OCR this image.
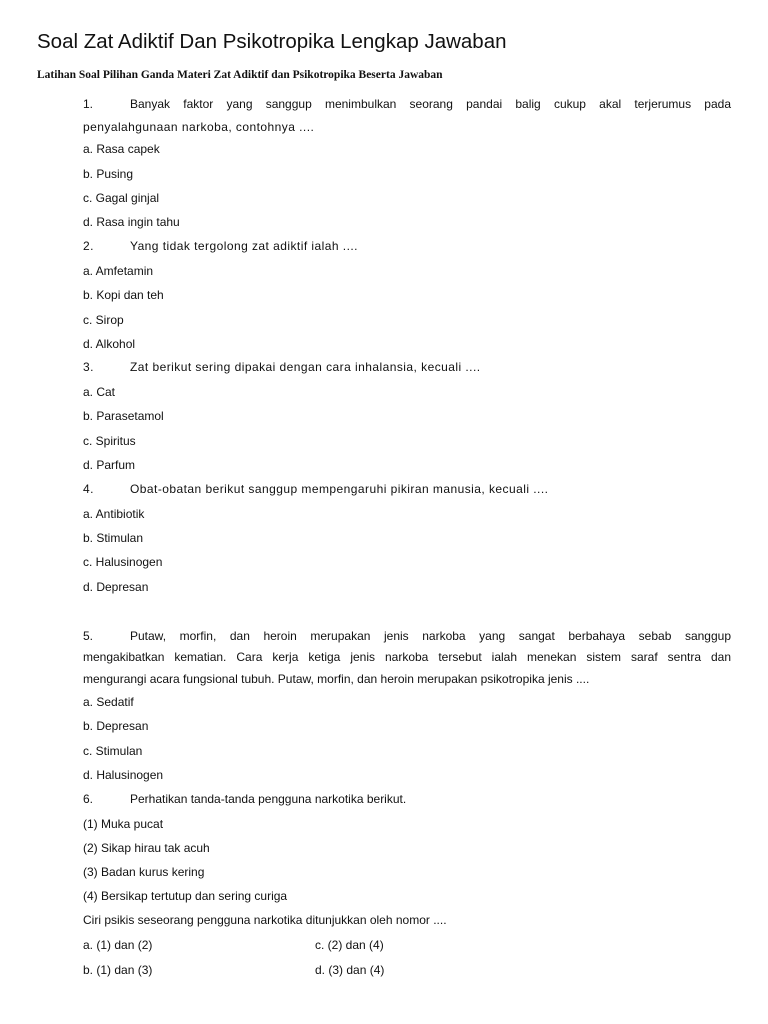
Soal Zat Adiktif Dan Psikotropika Lengkap Jawaban
Latihan Soal Pilihan Ganda Materi Zat Adiktif dan Psikotropika Beserta Jawaban
1.	Banyak faktor yang sanggup menimbulkan seorang pandai balig cukup akal terjerumus pada
penyalahgunaan narkoba, contohnya ....
a. Rasa capek
b. Pusing
c. Gagal ginjal
d. Rasa ingin tahu
2.	Yang tidak tergolong zat adiktif ialah ....
a. Amfetamin
b. Kopi dan teh
c. Sirop
d. Alkohol
3.	Zat berikut sering dipakai dengan cara inhalansia, kecuali ....
a. Cat
b. Parasetamol
c. Spiritus
d. Parfum
4.	Obat-obatan berikut sanggup mempengaruhi pikiran manusia, kecuali ....
a. Antibiotik
b. Stimulan
c. Halusinogen
d. Depresan
5.	Putaw, morfin, dan heroin merupakan jenis narkoba yang sangat berbahaya sebab sanggup
mengakibatkan kematian. Cara kerja ketiga jenis narkoba tersebut ialah menekan sistem saraf sentra dan
mengurangi acara fungsional tubuh. Putaw, morfin, dan heroin merupakan psikotropika jenis ....
a. Sedatif
b. Depresan
c. Stimulan
d. Halusinogen
6.	Perhatikan tanda-tanda pengguna narkotika berikut.
(1) Muka pucat
(2) Sikap hirau tak acuh
(3) Badan kurus kering
(4) Bersikap tertutup dan sering curiga
Ciri psikis seseorang pengguna narkotika ditunjukkan oleh nomor ....
a. (1) dan (2)	c. (2) dan (4)
b. (1) dan (3)	d. (3) dan (4)
